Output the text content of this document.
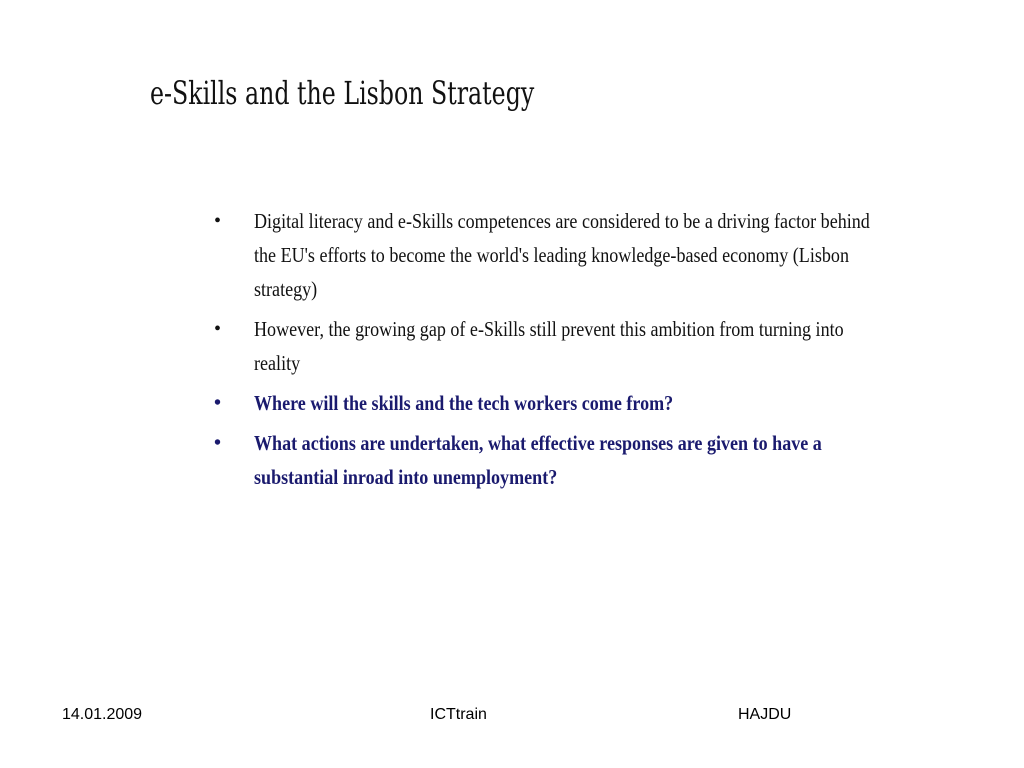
e-Skills and the Lisbon Strategy
•	Digital literacy and e-Skills competences are considered to be a driving factor behind the EU's efforts to become the world's leading knowledge-based economy (Lisbon strategy)
•	However, the growing gap of e-Skills still prevent this ambition from turning into reality
•	Where will the skills and the tech workers come from?
•	What actions are undertaken, what effective responses are given to have a substantial inroad into unemployment?
14.01.2009	ICTtrain	HAJDU
